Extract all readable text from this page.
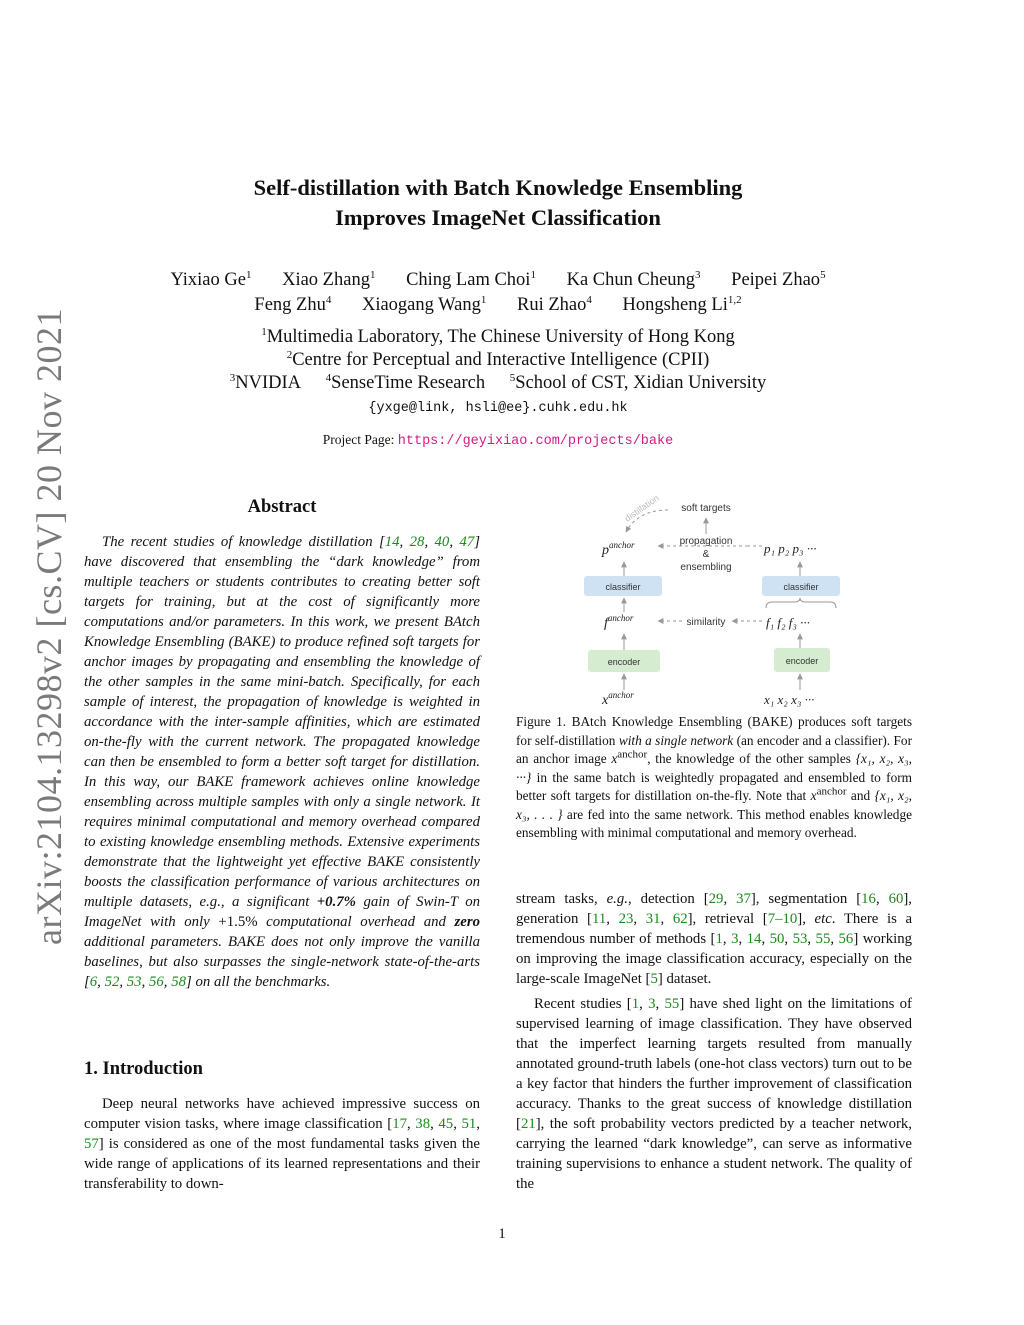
arXiv:2104.13298v2 [cs.CV] 20 Nov 2021
Self-distillation with Batch Knowledge Ensembling
Improves ImageNet Classification
Yixiao Ge$^1$ Xiao Zhang$^1$ Ching Lam Choi$^1$ Ka Chun Cheung$^3$ Peipei Zhao$^5$
Feng Zhu$^4$ Xiaogang Wang$^1$ Rui Zhao$^4$ Hongsheng Li$^{1,2}$
$^1$Multimedia Laboratory, The Chinese University of Hong Kong
$^2$Centre for Perceptual and Interactive Intelligence (CPII)
$^3$NVIDIA $^4$SenseTime Research $^5$School of CST, Xidian University
{yxge@link, hsli@ee}.cuhk.edu.hk
Project Page: https://geyixiao.com/projects/bake
Abstract
The recent studies of knowledge distillation [14, 28, 40, 47] have discovered that ensembling the “dark knowledge” from multiple teachers or students contributes to creating better soft targets for training, but at the cost of significantly more computations and/or parameters. In this work, we present BAtch Knowledge Ensembling (BAKE) to produce refined soft targets for anchor images by propagating and ensembling the knowledge of the other samples in the same mini-batch. Specifically, for each sample of interest, the propagation of knowledge is weighted in accordance with the inter-sample affinities, which are estimated on-the-fly with the current network. The propagated knowledge can then be ensembled to form a better soft target for distillation. In this way, our BAKE framework achieves online knowledge ensembling across multiple samples with only a single network. It requires minimal computational and memory overhead compared to existing knowledge ensembling methods. Extensive experiments demonstrate that the lightweight yet effective BAKE consistently boosts the classification performance of various architectures on multiple datasets, e.g., a significant +0.7% gain of Swin-T on ImageNet with only +1.5% computational overhead and zero additional parameters. BAKE does not only improve the vanilla baselines, but also surpasses the single-network state-of-the-arts [6, 52, 53, 56, 58] on all the benchmarks.
1. Introduction
Deep neural networks have achieved impressive success on computer vision tasks, where image classification [17, 38, 45, 51, 57] is considered as one of the most fundamental tasks given the wide range of applications of its learned representations and their transferability to down-
distillation soft targets
$p^{anchor}$	propagation
&
ensembling
p₁ p₂ p₃ ···
classifier	classifier
$f^{anchor}$	similarity	f₁ f₂ f₃ ···
encoder	encoder
$x^{anchor}$	x₁ x₂ x₃ ···
Figure 1. BAtch Knowledge Ensembling (BAKE) produces soft targets for self-distillation with a single network (an encoder and a classifier). For an anchor image $x^{anchor}$, the knowledge of the other samples {x₁, x₂, x₃, ···} in the same batch is weightedly propagated and ensembled to form better soft targets for distillation on-the-fly. Note that $x^{anchor}$ and {x₁, x₂, x₃, . . . } are fed into the same network. This method enables knowledge ensembling with minimal computational and memory overhead.
stream tasks, e.g., detection [29, 37], segmentation [16, 60], generation [11, 23, 31, 62], retrieval [7–10], etc. There is a tremendous number of methods [1, 3, 14, 50, 53, 55, 56] working on improving the image classification accuracy, especially on the large-scale ImageNet [5] dataset.
Recent studies [1, 3, 55] have shed light on the limitations of supervised learning of image classification. They have observed that the imperfect learning targets resulted from manually annotated ground-truth labels (one-hot class vectors) turn out to be a key factor that hinders the further improvement of classification accuracy. Thanks to the great success of knowledge distillation [21], the soft probability vectors predicted by a teacher network, carrying the learned “dark knowledge”, can serve as informative training supervisions to enhance a student network. The quality of the
1
